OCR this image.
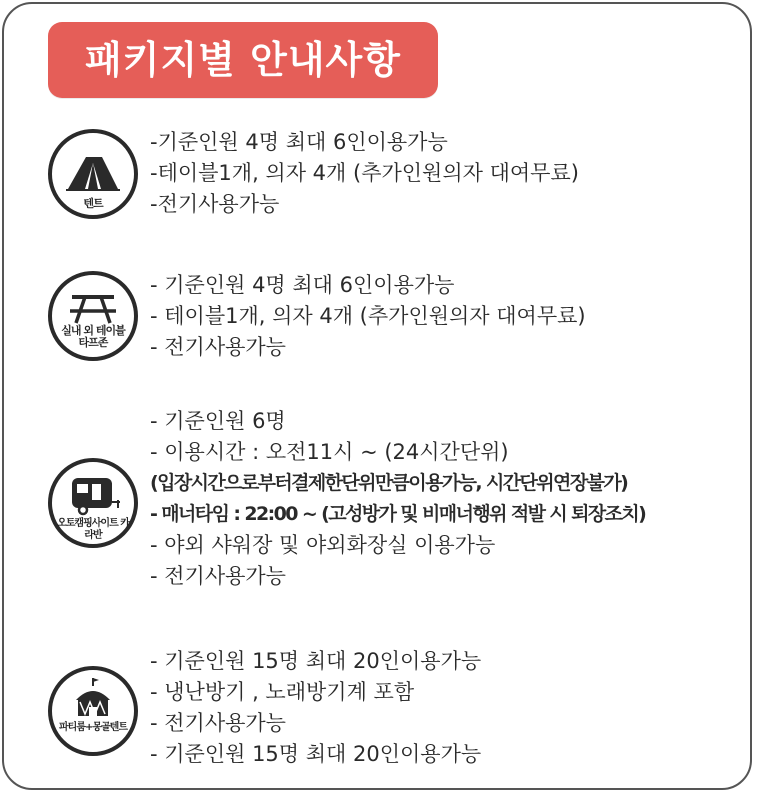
패키지별 안내사항
텐트
-기준인원 4명 최대 6인이용가능
-테이블1개, 의자 4개 (추가인원의자 대여무료)
-전기사용가능
실내 외 테이블 타프존
- 기준인원 4명 최대 6인이용가능
- 테이블1개, 의자 4개 (추가인원의자 대여무료)
- 전기사용가능
오토캠핑사이트 카라반
- 기준인원 6명
- 이용시간 : 오전11시 ~ (24시간단위)
(입장시간으로부터결제한단위만큼이용가능, 시간단위연장불가)
- 매너타임 : 22:00 ~ (고성방가 및 비매너행위 적발 시 퇴장조치)
- 야외 샤워장 및 야외화장실 이용가능
- 전기사용가능
파티룸+몽골텐트
- 기준인원 15명 최대 20인이용가능
- 냉난방기 , 노래방기계 포함
- 전기사용가능
- 기준인원 15명 최대 20인이용가능
